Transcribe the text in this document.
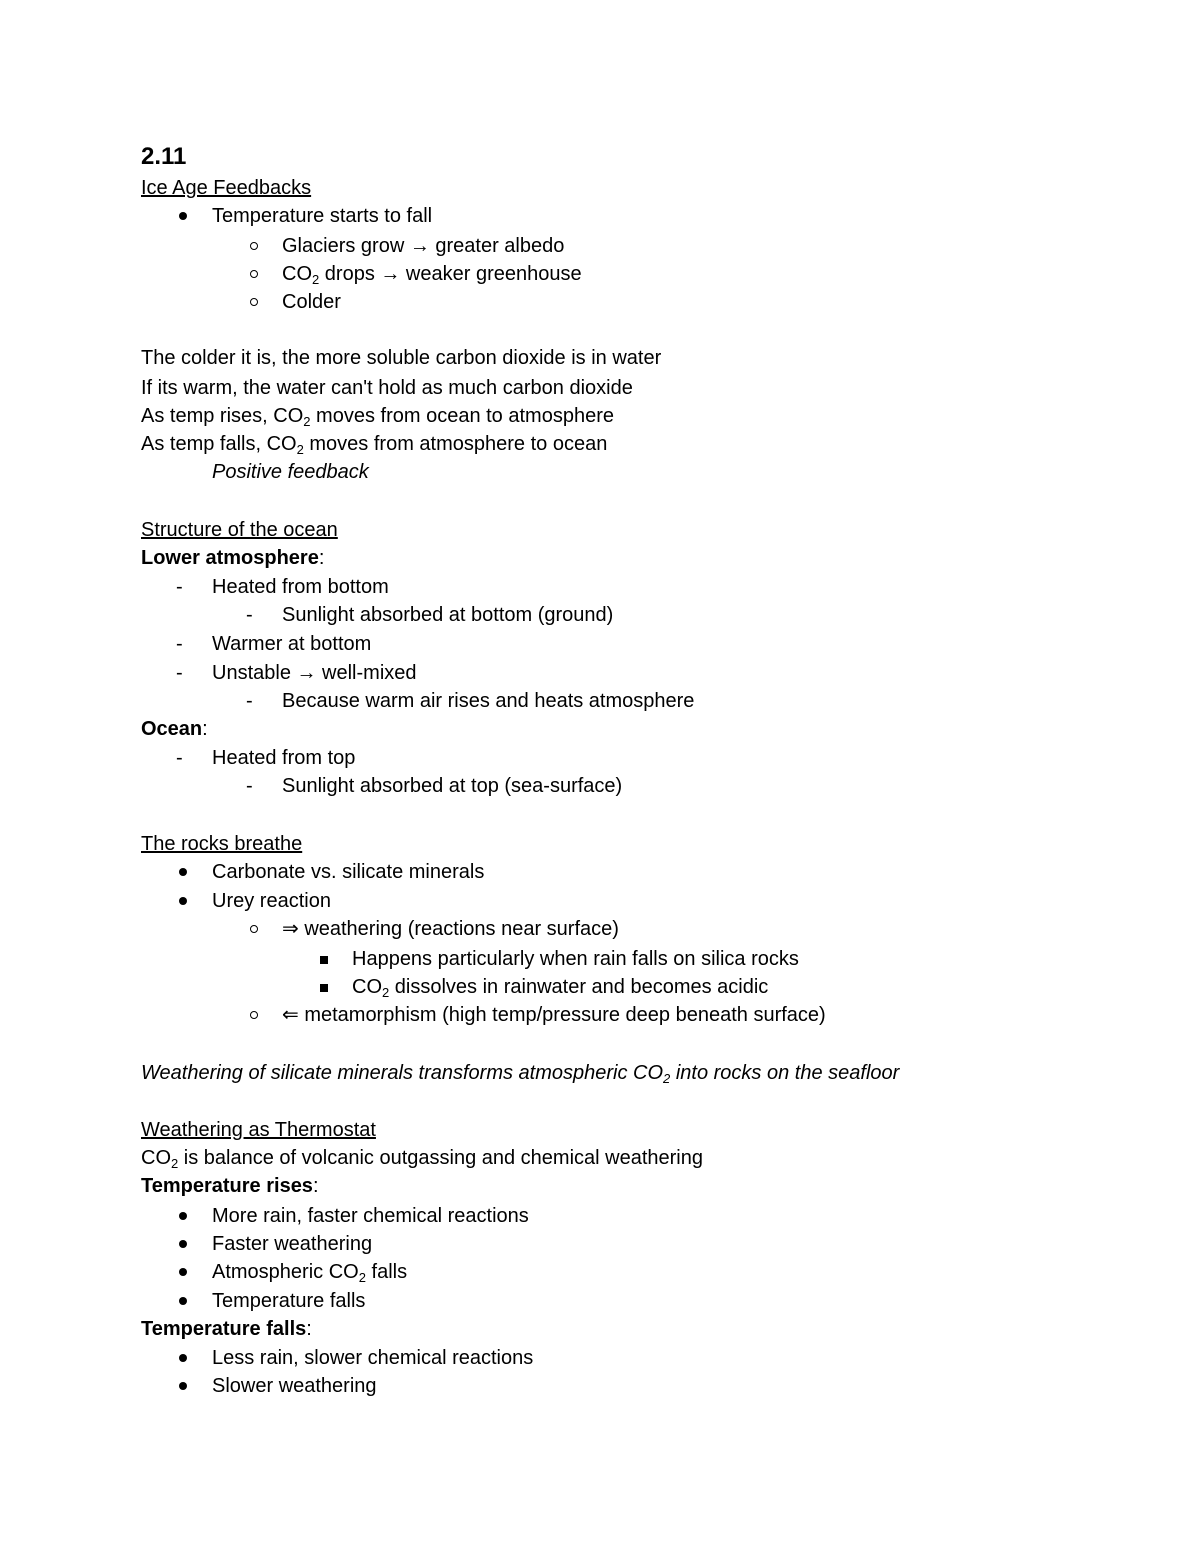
2.11
Ice Age Feedbacks
Temperature starts to fall
Glaciers grow → greater albedo
$CO_2$ drops → weaker greenhouse
Colder
The colder it is, the more soluble carbon dioxide is in water
If its warm, the water can't hold as much carbon dioxide
As temp rises, $CO_2$ moves from ocean to atmosphere
As temp falls, $CO_2$ moves from atmosphere to ocean
Positive feedback
Structure of the ocean
Lower atmosphere:
- Heated from bottom
- Sunlight absorbed at bottom (ground)
- Warmer at bottom
- Unstable → well-mixed
- Because warm air rises and heats atmosphere
Ocean:
- Heated from top
- Sunlight absorbed at top (sea-surface)
The rocks breathe
Carbonate vs. silicate minerals
Urey reaction
⇒ weathering (reactions near surface)
Happens particularly when rain falls on silica rocks
$CO_2$ dissolves in rainwater and becomes acidic
⇐ metamorphism (high temp/pressure deep beneath surface)
Weathering of silicate minerals transforms atmospheric $CO_2$ into rocks on the seafloor
Weathering as Thermostat
$CO_2$ is balance of volcanic outgassing and chemical weathering
Temperature rises:
More rain, faster chemical reactions
Faster weathering
Atmospheric $CO_2$ falls
Temperature falls
Temperature falls:
Less rain, slower chemical reactions
Slower weathering
